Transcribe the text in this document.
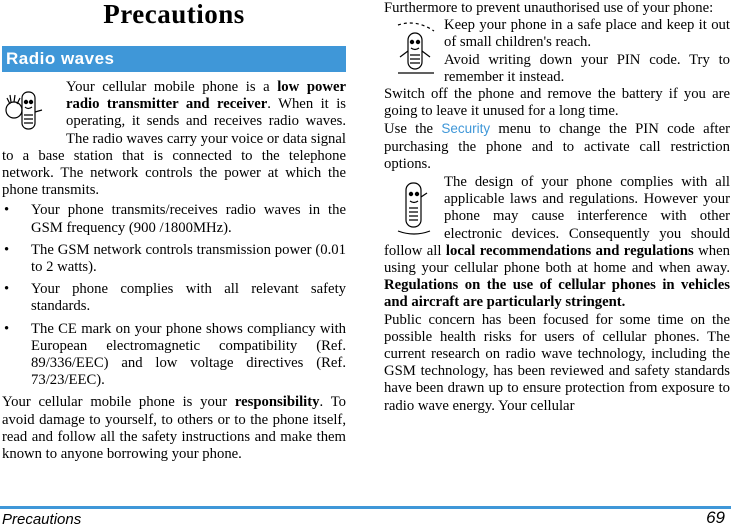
Precautions
Radio waves

Your cellular mobile phone is a low power radio transmitter and receiver. When it is operating, it sends and receives radio waves. The radio waves carry your voice or data signal to a base station that is connected to the telephone network. The network controls the power at which the phone transmits.

• Your phone transmits/receives radio waves in the GSM frequency (900 /1800MHz).
• The GSM network controls transmission power (0.01 to 2 watts).
• Your phone complies with all relevant safety standards.
• The CE mark on your phone shows compliancy with European electromagnetic compatibility (Ref. 89/336/EEC) and low voltage directives (Ref. 73/23/EEC).

Your cellular mobile phone is your responsibility. To avoid damage to yourself, to others or to the phone itself, read and follow all the safety instructions and make them known to anyone borrowing your phone.

Furthermore to prevent unauthorised use of your phone:

Keep your phone in a safe place and keep it out of small children's reach.

Avoid writing down your PIN code. Try to remember it instead.

Switch off the phone and remove the battery if you are going to leave it unused for a long time.

Use the Security menu to change the PIN code after purchasing the phone and to activate call restriction options.

The design of your phone complies with all applicable laws and regulations. However your phone may cause interference with other electronic devices. Consequently you should follow all local recommendations and regulations when using your cellular phone both at home and when away. Regulations on the use of cellular phones in vehicles and aircraft are particularly stringent.

Public concern has been focused for some time on the possible health risks for users of cellular phones. The current research on radio wave technology, including the GSM technology, has been reviewed and safety standards have been drawn up to ensure protection from exposure to radio wave energy. Your cellular

Precautions	69
